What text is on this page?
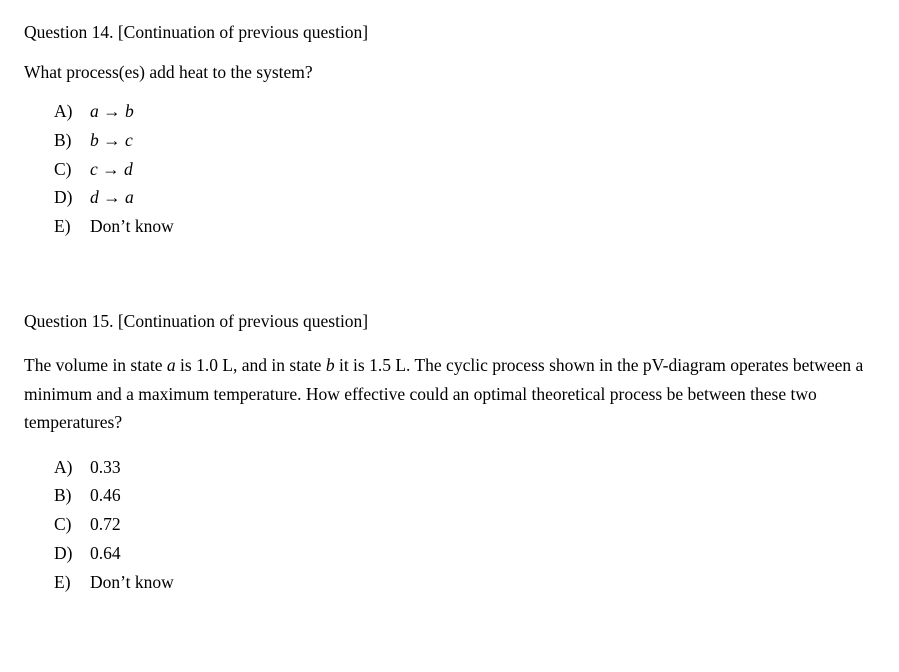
Question 14. [Continuation of previous question]

What process(es) add heat to the system?

A)	a → b
B)	b → c
C)	c → d
D)	d → a
E)	Don’t know

Question 15. [Continuation of previous question]

The volume in state a is 1.0 L, and in state b it is 1.5 L. The cyclic process shown in the pV-diagram operates between a minimum and a maximum temperature. How effective could an optimal theoretical process be between these two temperatures?

A)	0.33
B)	0.46
C)	0.72
D)	0.64
E)	Don’t know
